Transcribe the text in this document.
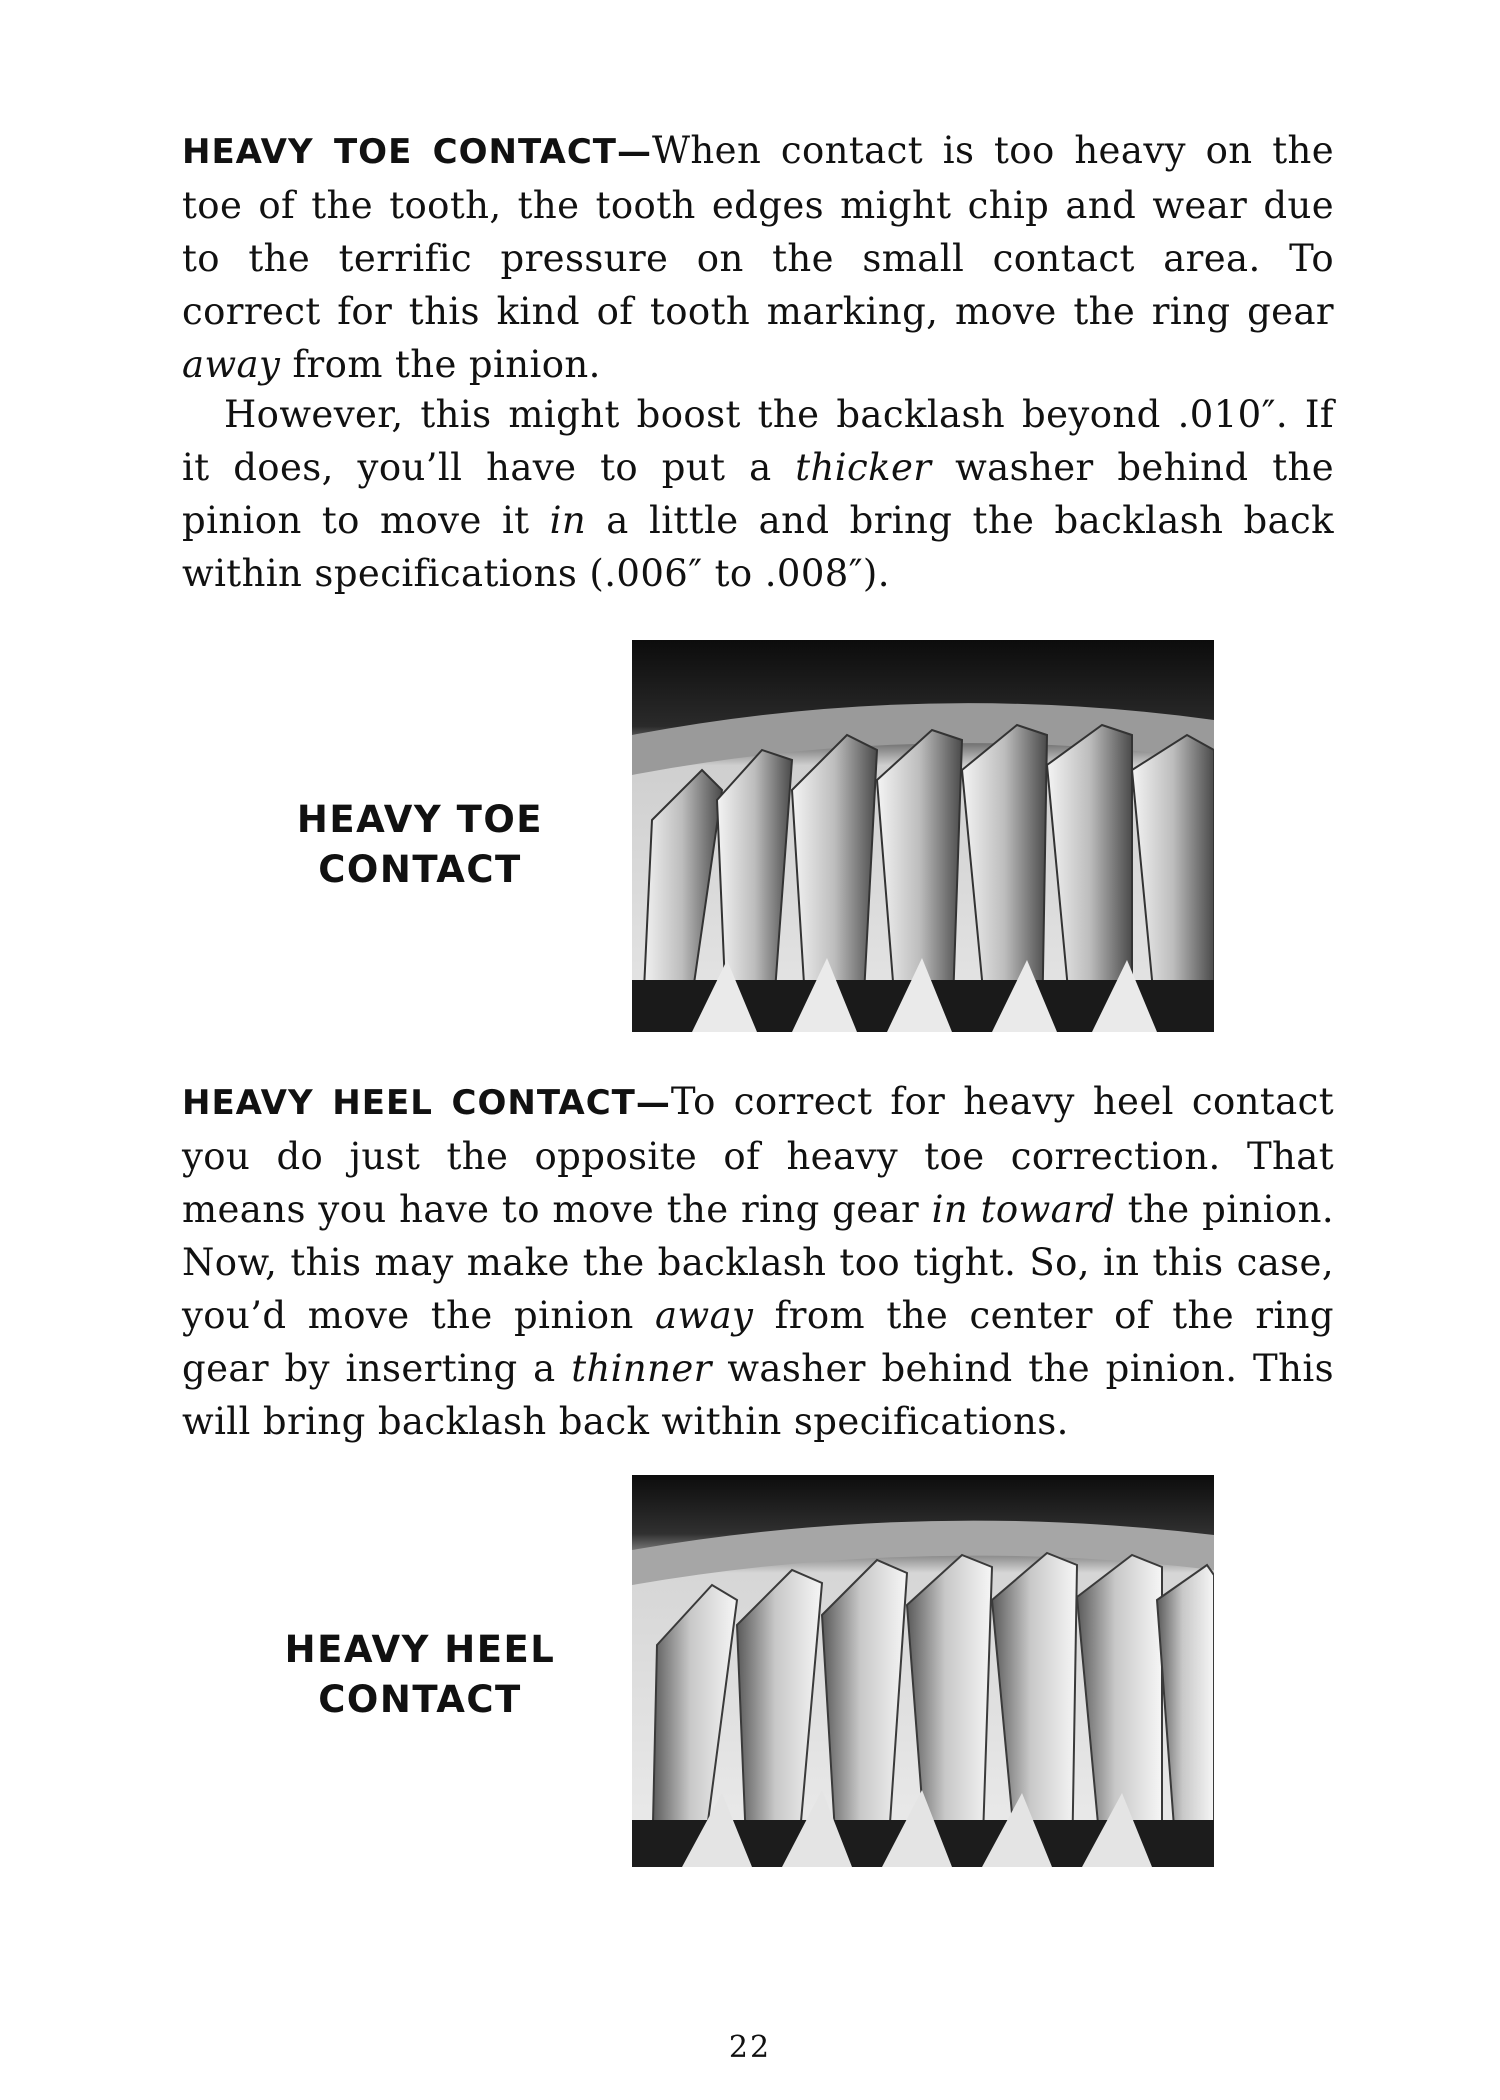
HEAVY TOE CONTACT—When contact is too heavy on the toe of the tooth, the tooth edges might chip and wear due to the terrific pressure on the small contact area. To correct for this kind of tooth marking, move the ring gear away from the pinion.

However, this might boost the backlash beyond .010″. If it does, you’ll have to put a thicker washer behind the pinion to move it in a little and bring the backlash back within specifications (.006″ to .008″).

HEAVY TOE
CONTACT

HEAVY HEEL CONTACT—To correct for heavy heel contact you do just the opposite of heavy toe correction. That means you have to move the ring gear in toward the pinion. Now, this may make the backlash too tight. So, in this case, you’d move the pinion away from the center of the ring gear by inserting a thinner washer behind the pinion. This will bring backlash back within specifications.

HEAVY HEEL
CONTACT

22
